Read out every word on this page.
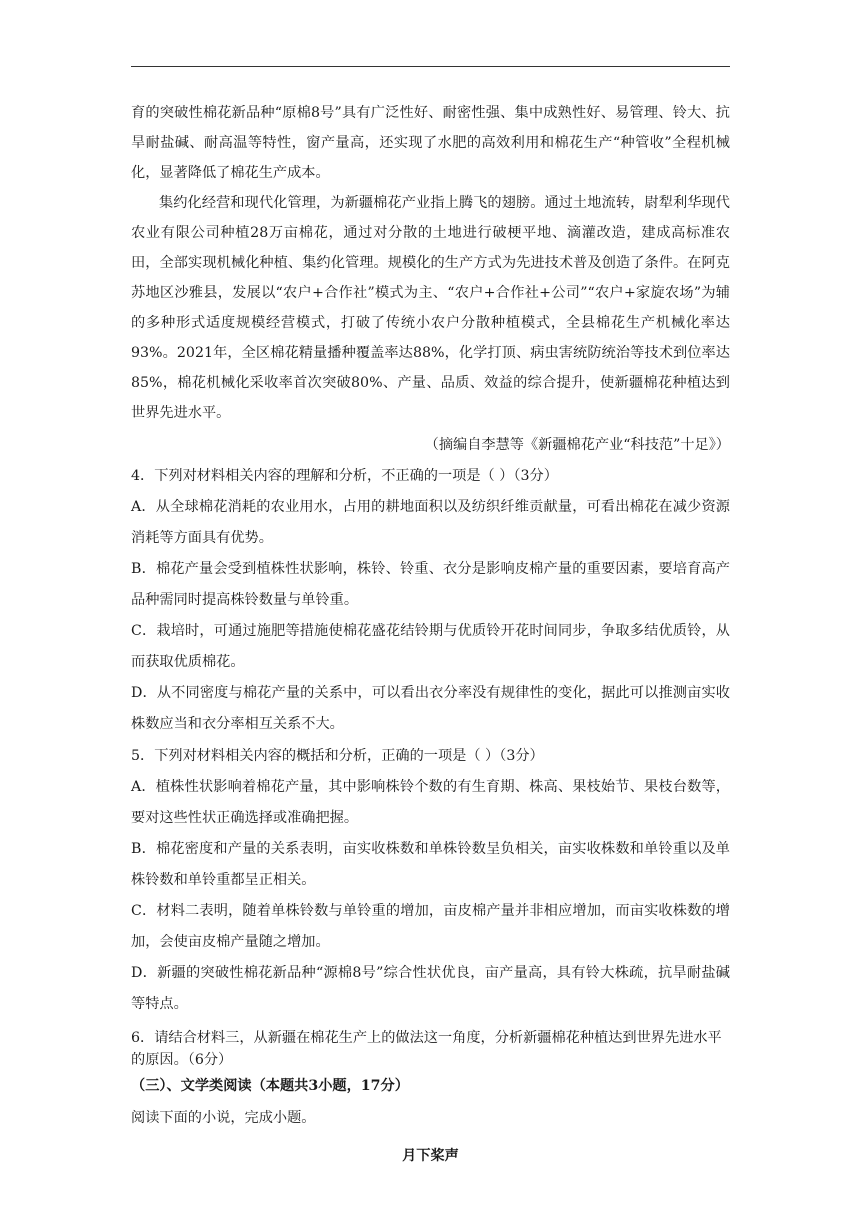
育的突破性棉花新品种“原棉8号”具有广泛性好、耐密性强、集中成熟性好、易管理、铃大、抗旱耐盐碱、耐高温等特性，窗产量高，还实现了水肥的高效利用和棉花生产“种管收”全程机械化，显著降低了棉花生产成本。

集约化经营和现代化管理，为新疆棉花产业指上腾飞的翅膀。通过土地流转，尉犁利华现代农业有限公司种植28万亩棉花，通过对分散的土地进行破梗平地、滴灌改造，建成高标准农田，全部实现机械化种植、集约化管理。规模化的生产方式为先进技术普及创造了条件。在阿克苏地区沙雅县，发展以“农户+合作社”模式为主、“农户+合作社+公司”“农户+家旋农场”为辅的多种形式适度规模经营模式，打破了传统小农户分散种植模式，全县棉花生产机械化率达93%。2021年，全区棉花精量播种覆盖率达88%，化学打顶、病虫害统防统治等技术到位率达85%，棉花机械化采收率首次突破80%、产量、品质、效益的综合提升，使新疆棉花种植达到世界先进水平。

（摘编自李慧等《新疆棉花产业“科技范”十足》）

4．下列对材料相关内容的理解和分析，不正确的一项是（ ）（3分）

A．从全球棉花消耗的农业用水，占用的耕地面积以及纺织纤维贡献量，可看出棉花在减少资源消耗等方面具有优势。

B．棉花产量会受到植株性状影响，株铃、铃重、衣分是影响皮棉产量的重要因素，要培育高产品种需同时提高株铃数量与单铃重。

C．栽培时，可通过施肥等措施使棉花盛花结铃期与优质铃开花时间同步，争取多结优质铃，从而获取优质棉花。

D．从不同密度与棉花产量的关系中，可以看出衣分率没有规律性的变化，据此可以推测亩实收株数应当和衣分率相互关系不大。

5．下列对材料相关内容的概括和分析，正确的一项是（ ）（3分）

A．植株性状影响着棉花产量，其中影响株铃个数的有生育期、株高、果枝始节、果枝台数等，要对这些性状正确选择或准确把握。

B．棉花密度和产量的关系表明，亩实收株数和单株铃数呈负相关，亩实收株数和单铃重以及单株铃数和单铃重都呈正相关。

C．材料二表明，随着单株铃数与单铃重的增加，亩皮棉产量并非相应增加，而亩实收株数的增加，会使亩皮棉产量随之增加。

D．新疆的突破性棉花新品种“源棉8号”综合性状优良，亩产量高，具有铃大株疏，抗旱耐盐碱等特点。

6．请结合材料三，从新疆在棉花生产上的做法这一角度，分析新疆棉花种植达到世界先进水平的原因。（6分）

（三）、文学类阅读（本题共3小题，17分）

阅读下面的小说，完成小题。

月下桨声
